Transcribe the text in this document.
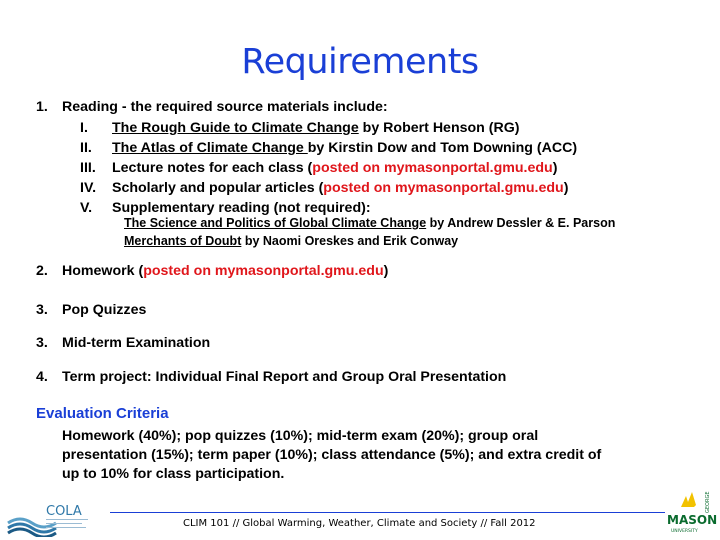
Requirements
1. Reading - the required source materials include:
I. The Rough Guide to Climate Change by Robert Henson (RG)
II. The Atlas of Climate Change by Kirstin Dow and Tom Downing (ACC)
III. Lecture notes for each class (posted on mymasonportal.gmu.edu)
IV. Scholarly and popular articles (posted on mymasonportal.gmu.edu)
V. Supplementary reading (not required):
The Science and Politics of Global Climate Change by Andrew Dessler & E. Parson
Merchants of Doubt by Naomi Oreskes and Erik Conway
2. Homework (posted on mymasonportal.gmu.edu)
3. Pop Quizzes
3. Mid-term Examination
4. Term project: Individual Final Report and Group Oral Presentation
Evaluation Criteria
Homework (40%); pop quizzes (10%); mid-term exam (20%); group oral
presentation (15%); term paper (10%); class attendance (5%); and extra credit of
up to 10% for class participation.
CLIM 101 // Global Warming, Weather, Climate and Society // Fall 2012
COLA	GEORGE
MASON
UNIVERSITY
